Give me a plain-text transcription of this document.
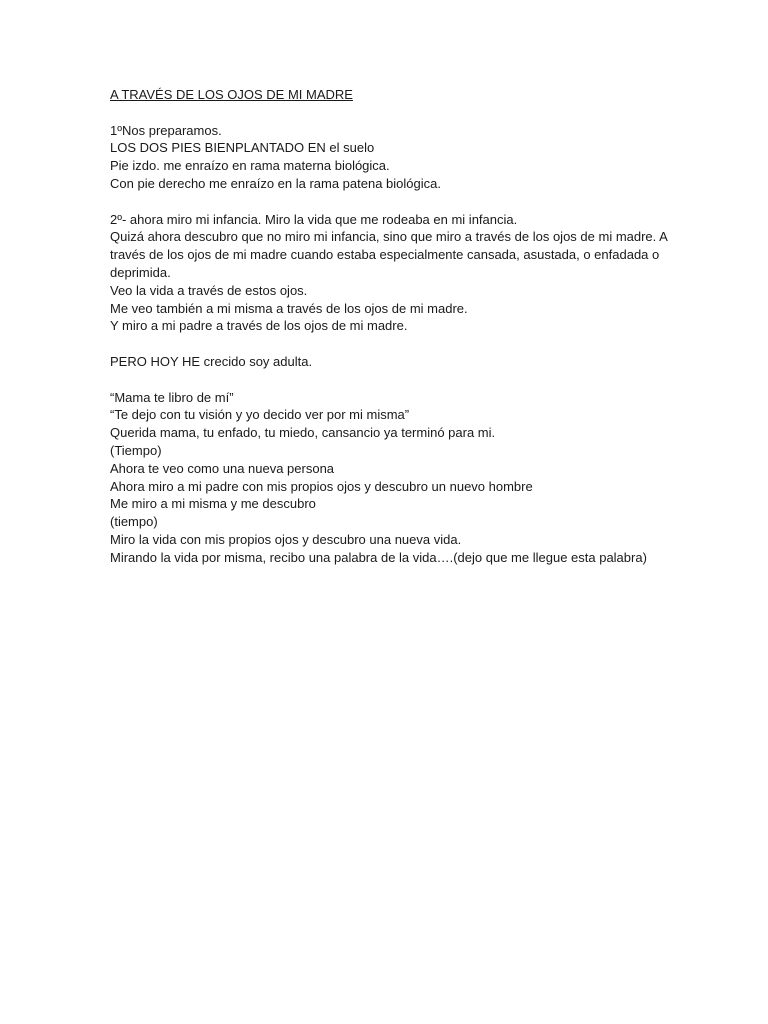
A TRAVÉS DE LOS OJOS DE MI MADRE
1ºNos preparamos.
LOS DOS PIES BIENPLANTADO EN el suelo
Pie izdo. me enraízo en rama materna biológica.
Con pie derecho me enraízo en la rama patena biológica.
2º- ahora miro mi infancia. Miro la vida que me rodeaba en mi infancia.
Quizá ahora descubro que no miro mi infancia, sino que miro a través de los ojos de mi madre. A través de los ojos de mi madre cuando estaba especialmente cansada, asustada, o enfadada o deprimida.
Veo la vida a través de estos ojos.
Me veo también a mi misma a través de los ojos de mi madre.
Y miro a mi padre a través de los ojos de mi madre.
PERO HOY HE crecido soy adulta.
“Mama te libro de mí”
“Te dejo con tu visión y yo decido ver por mi misma”
Querida mama, tu enfado, tu miedo, cansancio ya terminó para mi.
(Tiempo)
Ahora te veo como una nueva persona
Ahora miro a mi padre con mis propios ojos y descubro un nuevo hombre
Me miro a mi misma y me descubro
(tiempo)
Miro la vida con mis propios ojos y descubro una nueva vida.
Mirando la vida por misma, recibo una palabra de la vida….(dejo que me llegue esta palabra)
